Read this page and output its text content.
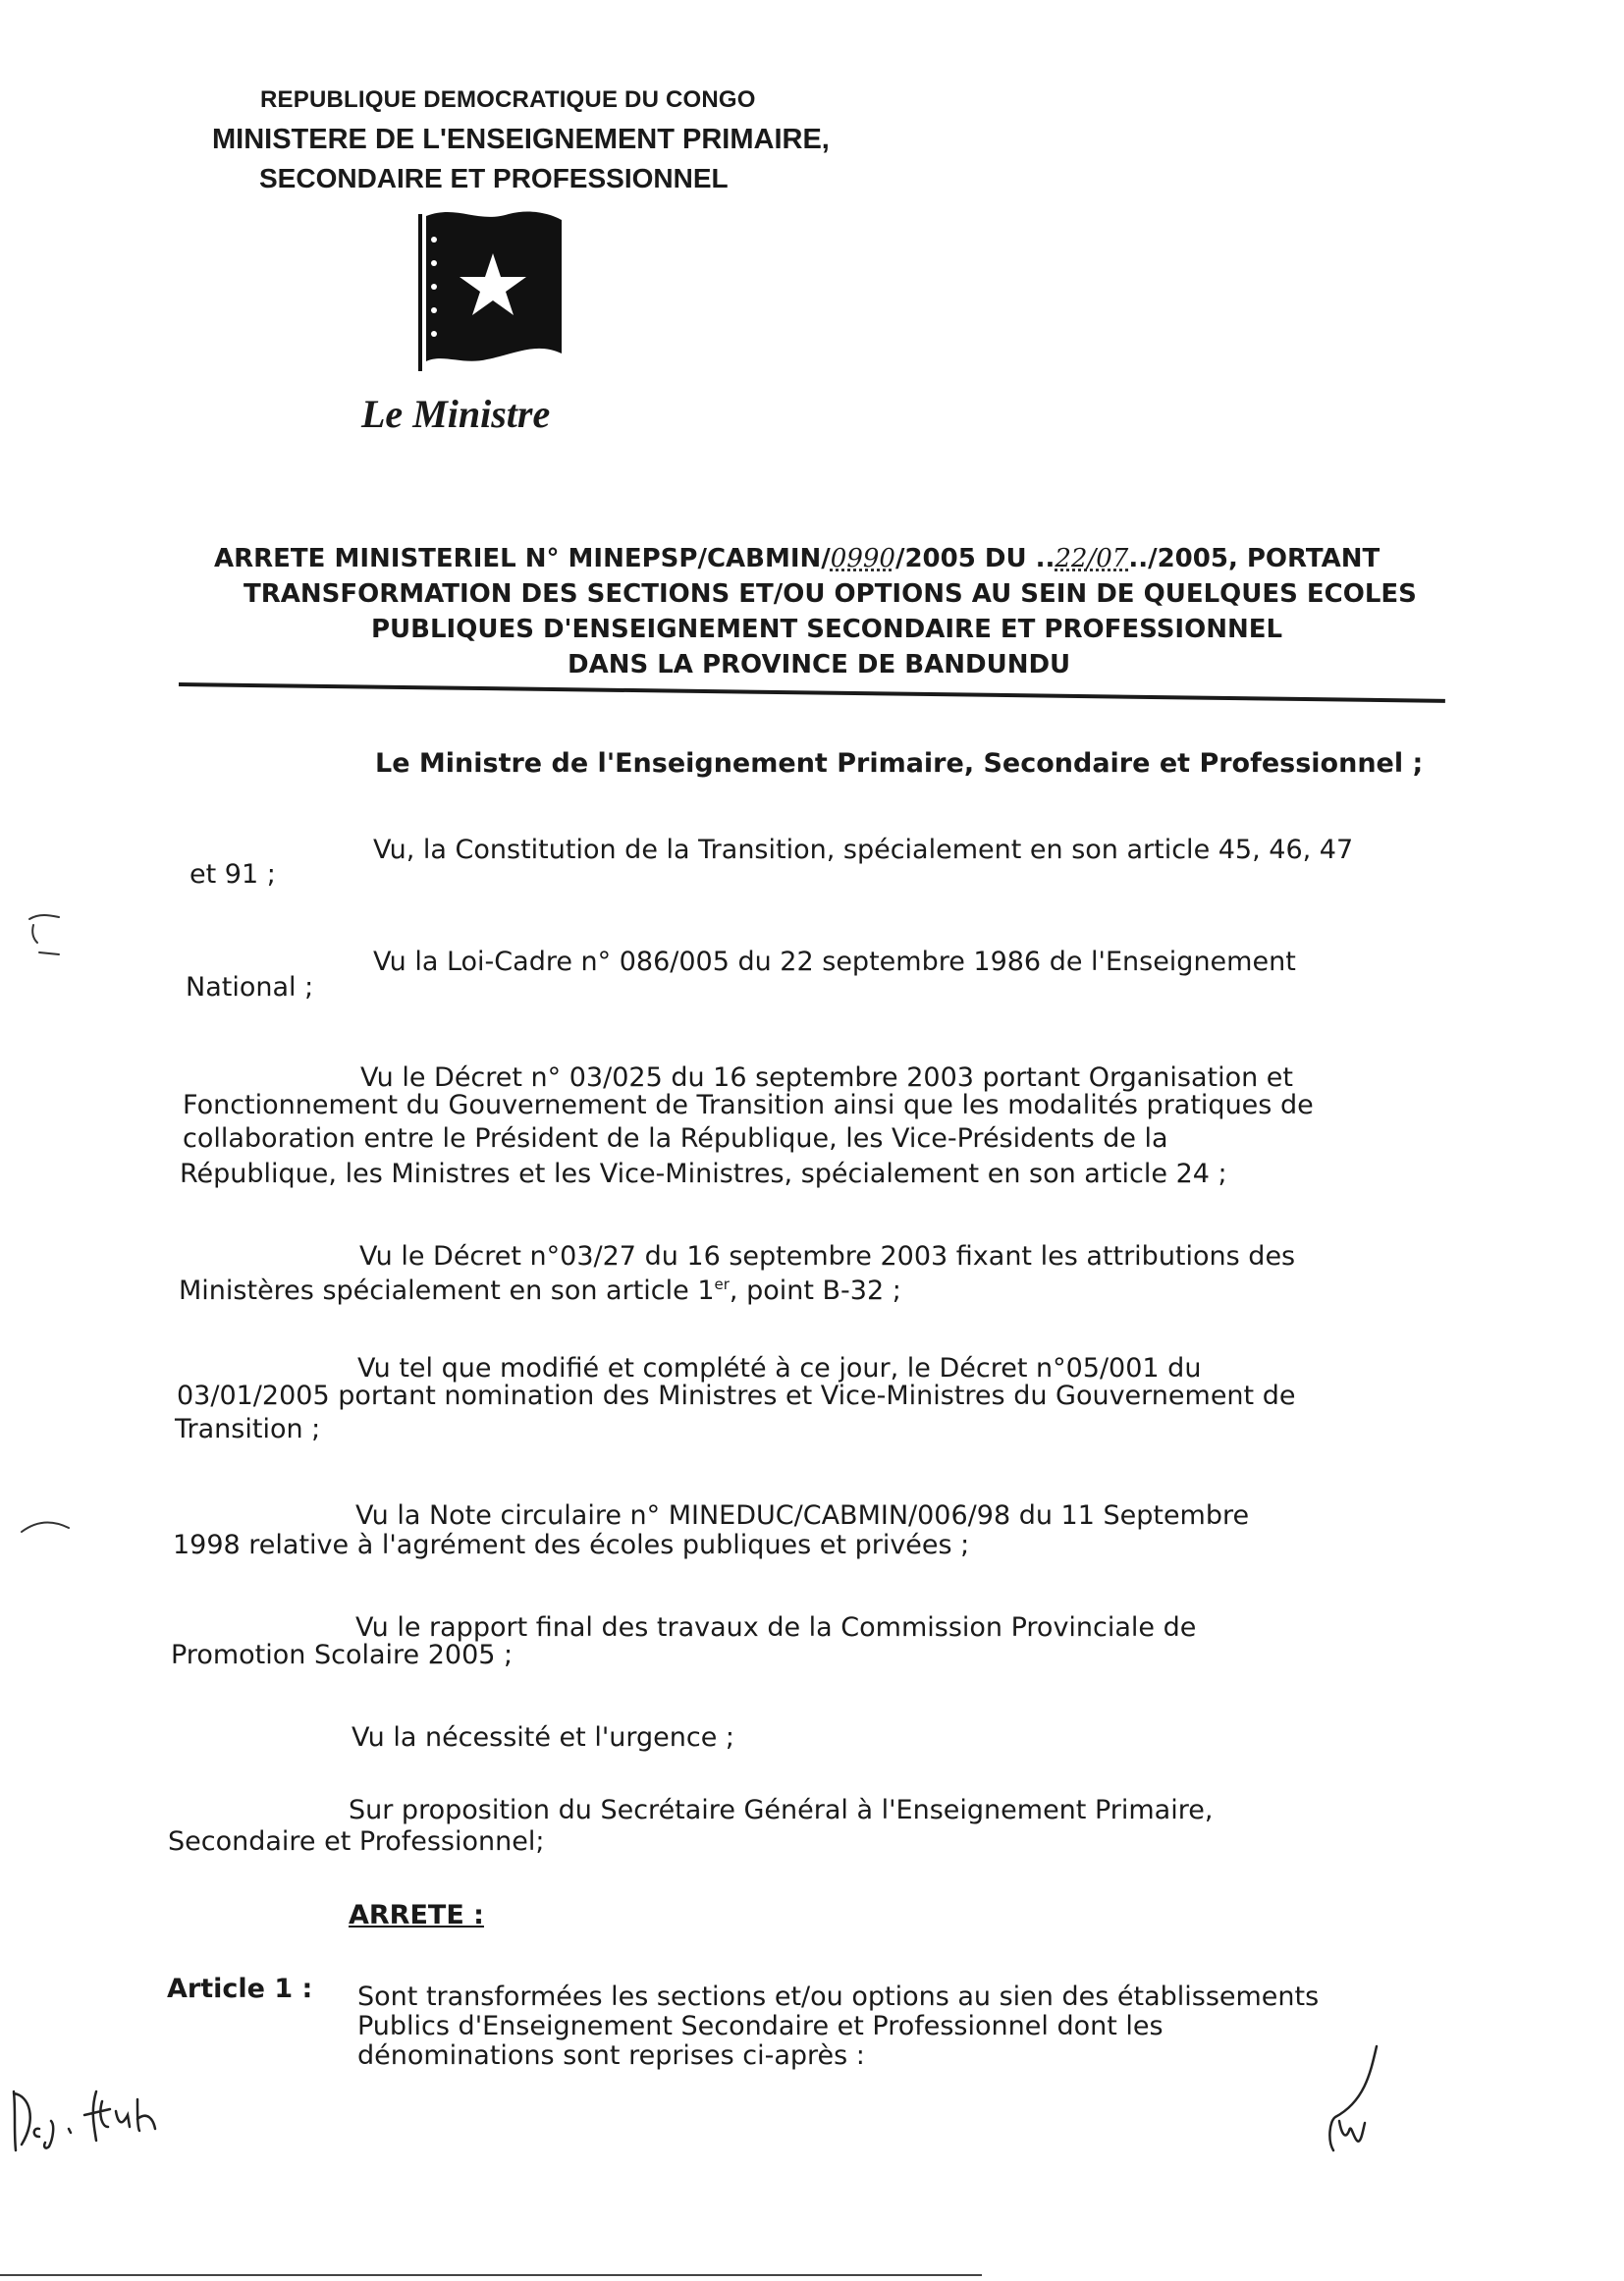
REPUBLIQUE DEMOCRATIQUE DU CONGO
MINISTERE DE L'ENSEIGNEMENT PRIMAIRE,
SECONDAIRE ET PROFESSIONNEL
Le Ministre
ARRETE MINISTERIEL N° MINEPSP/CABMIN/0990/2005 DU ..22/07../2005, PORTANT
TRANSFORMATION DES SECTIONS ET/OU OPTIONS AU SEIN DE QUELQUES ECOLES
PUBLIQUES D'ENSEIGNEMENT SECONDAIRE ET PROFESSIONNEL
DANS LA PROVINCE DE BANDUNDU
Le Ministre de l'Enseignement Primaire, Secondaire et Professionnel ;
Vu, la Constitution de la Transition, spécialement en son article 45, 46, 47
et 91 ;
Vu la Loi-Cadre n° 086/005 du 22 septembre 1986 de l'Enseignement
National ;
Vu le Décret n° 03/025 du 16 septembre 2003 portant Organisation et
Fonctionnement du Gouvernement de Transition ainsi que les modalités pratiques de
collaboration entre le Président de la République, les Vice-Présidents de la
République, les Ministres et les Vice-Ministres, spécialement en son article 24 ;
Vu le Décret n°03/27 du 16 septembre 2003 fixant les attributions des
Ministères spécialement en son article 1er, point B-32 ;
Vu tel que modifié et complété à ce jour, le Décret n°05/001 du
03/01/2005 portant nomination des Ministres et Vice-Ministres du Gouvernement de
Transition ;
Vu la Note circulaire n° MINEDUC/CABMIN/006/98 du 11 Septembre
1998 relative à l'agrément des écoles publiques et privées ;
Vu le rapport final des travaux de la Commission Provinciale de
Promotion Scolaire 2005 ;
Vu la nécessité et l'urgence ;
Sur proposition du Secrétaire Général à l'Enseignement Primaire,
Secondaire et Professionnel;
ARRETE :
Article 1 : Sont transformées les sections et/ou options au sien des établissements
Publics d'Enseignement Secondaire et Professionnel dont les
dénominations sont reprises ci-après :
